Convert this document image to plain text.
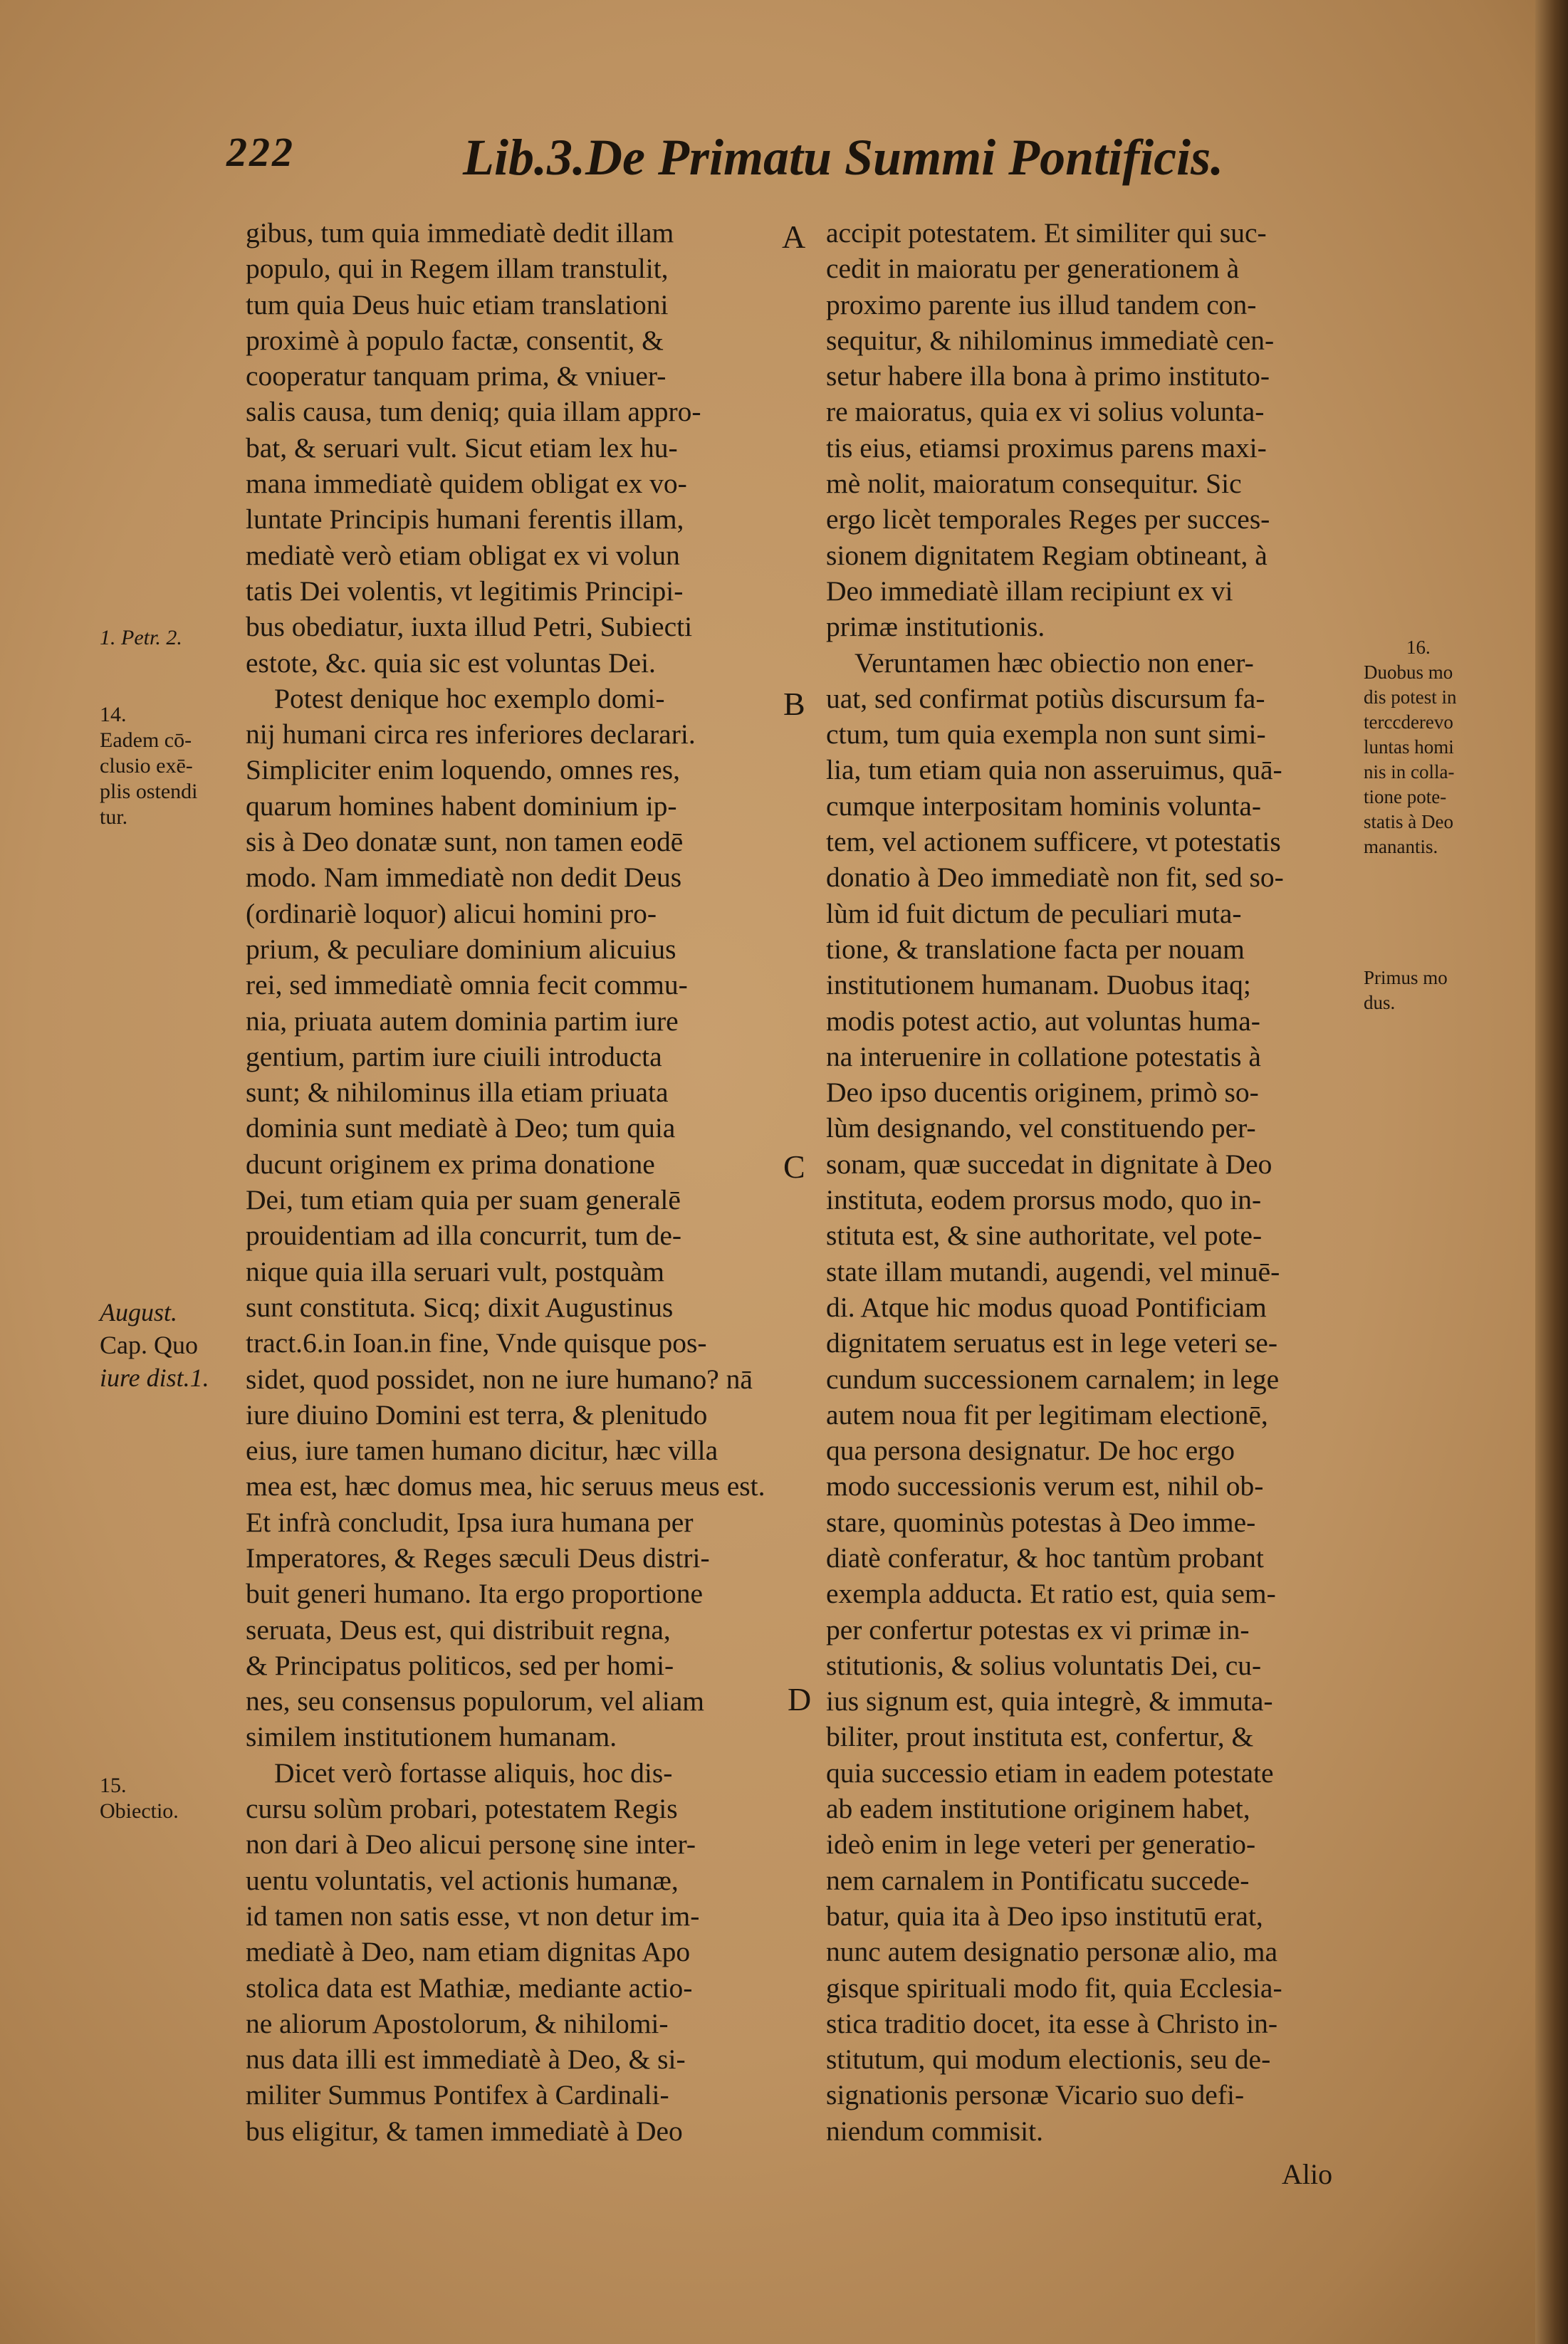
222	Lib.3.De Primatu Summi Pontificis.
A
B
C
D
gibus, tum quia immediatè dedit illam
populo, qui in Regem illam transtulit,
tum quia Deus huic etiam translationi
proximè à populo factæ, consentit, &
cooperatur tanquam prima, & vniuer-
salis causa, tum deniq; quia illam appro-
bat, & seruari vult. Sicut etiam lex hu-
mana immediatè quidem obligat ex vo-
luntate Principis humani ferentis illam,
mediatè verò etiam obligat ex vi volun
tatis Dei volentis, vt legitimis Principi-
bus obediatur, iuxta illud Petri, Subiecti
estote, &c. quia sic est voluntas Dei.
Potest denique hoc exemplo domi-
nij humani circa res inferiores declarari.
Simpliciter enim loquendo, omnes res,
quarum homines habent dominium ip-
sis à Deo donatæ sunt, non tamen eodē
modo. Nam immediatè non dedit Deus
(ordinariè loquor) alicui homini pro-
prium, & peculiare dominium alicuius
rei, sed immediatè omnia fecit commu-
nia, priuata autem dominia partim iure
gentium, partim iure ciuili introducta
sunt; & nihilominus illa etiam priuata
dominia sunt mediatè à Deo; tum quia
ducunt originem ex prima donatione
Dei, tum etiam quia per suam generalē
prouidentiam ad illa concurrit, tum de-
nique quia illa seruari vult, postquàm
sunt constituta. Sicq; dixit Augustinus
tract.6.in Ioan.in fine, Vnde quisque pos-
sidet, quod possidet, non ne iure humano? nā
iure diuino Domini est terra, & plenitudo
eius, iure tamen humano dicitur, hæc villa
mea est, hæc domus mea, hic seruus meus est.
Et infrà concludit, Ipsa iura humana per
Imperatores, & Reges sæculi Deus distri-
buit generi humano. Ita ergo proportione
seruata, Deus est, qui distribuit regna,
& Principatus politicos, sed per homi-
nes, seu consensus populorum, vel aliam
similem institutionem humanam.
Dicet verò fortasse aliquis, hoc dis-
cursu solùm probari, potestatem Regis
non dari à Deo alicui personę sine inter-
uentu voluntatis, vel actionis humanæ,
id tamen non satis esse, vt non detur im-
mediatè à Deo, nam etiam dignitas Apo
stolica data est Mathiæ, mediante actio-
ne aliorum Apostolorum, & nihilomi-
nus data illi est immediatè à Deo, & si-
militer Summus Pontifex à Cardinali-
bus eligitur, & tamen immediatè à Deo
accipit potestatem. Et similiter qui suc-
cedit in maioratu per generationem à
proximo parente ius illud tandem con-
sequitur, & nihilominus immediatè cen-
setur habere illa bona à primo instituto-
re maioratus, quia ex vi solius volunta-
tis eius, etiamsi proximus parens maxi-
mè nolit, maioratum consequitur. Sic
ergo licèt temporales Reges per succes-
sionem dignitatem Regiam obtineant, à
Deo immediatè illam recipiunt ex vi
primæ institutionis.
Veruntamen hæc obiectio non ener-
uat, sed confirmat potiùs discursum fa-
ctum, tum quia exempla non sunt simi-
lia, tum etiam quia non asseruimus, quā-
cumque interpositam hominis volunta-
tem, vel actionem sufficere, vt potestatis
donatio à Deo immediatè non fit, sed so-
lùm id fuit dictum de peculiari muta-
tione, & translatione facta per nouam
institutionem humanam. Duobus itaq;
modis potest actio, aut voluntas huma-
na interuenire in collatione potestatis à
Deo ipso ducentis originem, primò so-
lùm designando, vel constituendo per-
sonam, quæ succedat in dignitate à Deo
instituta, eodem prorsus modo, quo in-
stituta est, & sine authoritate, vel pote-
state illam mutandi, augendi, vel minuē-
di. Atque hic modus quoad Pontificiam
dignitatem seruatus est in lege veteri se-
cundum successionem carnalem; in lege
autem noua fit per legitimam electionē,
qua persona designatur. De hoc ergo
modo successionis verum est, nihil ob-
stare, quominùs potestas à Deo imme-
diatè conferatur, & hoc tantùm probant
exempla adducta. Et ratio est, quia sem-
per confertur potestas ex vi primæ in-
stitutionis, & solius voluntatis Dei, cu-
ius signum est, quia integrè, & immuta-
biliter, prout instituta est, confertur, &
quia successio etiam in eadem potestate
ab eadem institutione originem habet,
ideò enim in lege veteri per generatio-
nem carnalem in Pontificatu succede-
batur, quia ita à Deo ipso institutū erat,
nunc autem designatio personæ alio, ma
gisque spirituali modo fit, quia Ecclesia-
stica traditio docet, ita esse à Christo in-
stitutum, qui modum electionis, seu de-
signationis personæ Vicario suo defi-
niendum commisit.
Alio
1. Petr. 2.
14.
Eadem cō-
clusio exē-
plis ostendi
tur.
August.
Cap. Quo
iure dist.1.
15.
Obiectio.
16.
Duobus mo
dis potest in
terccderevo
luntas homi
nis in colla-
tione pote-
statis à Deo
manantis.
Primus mo
dus.
